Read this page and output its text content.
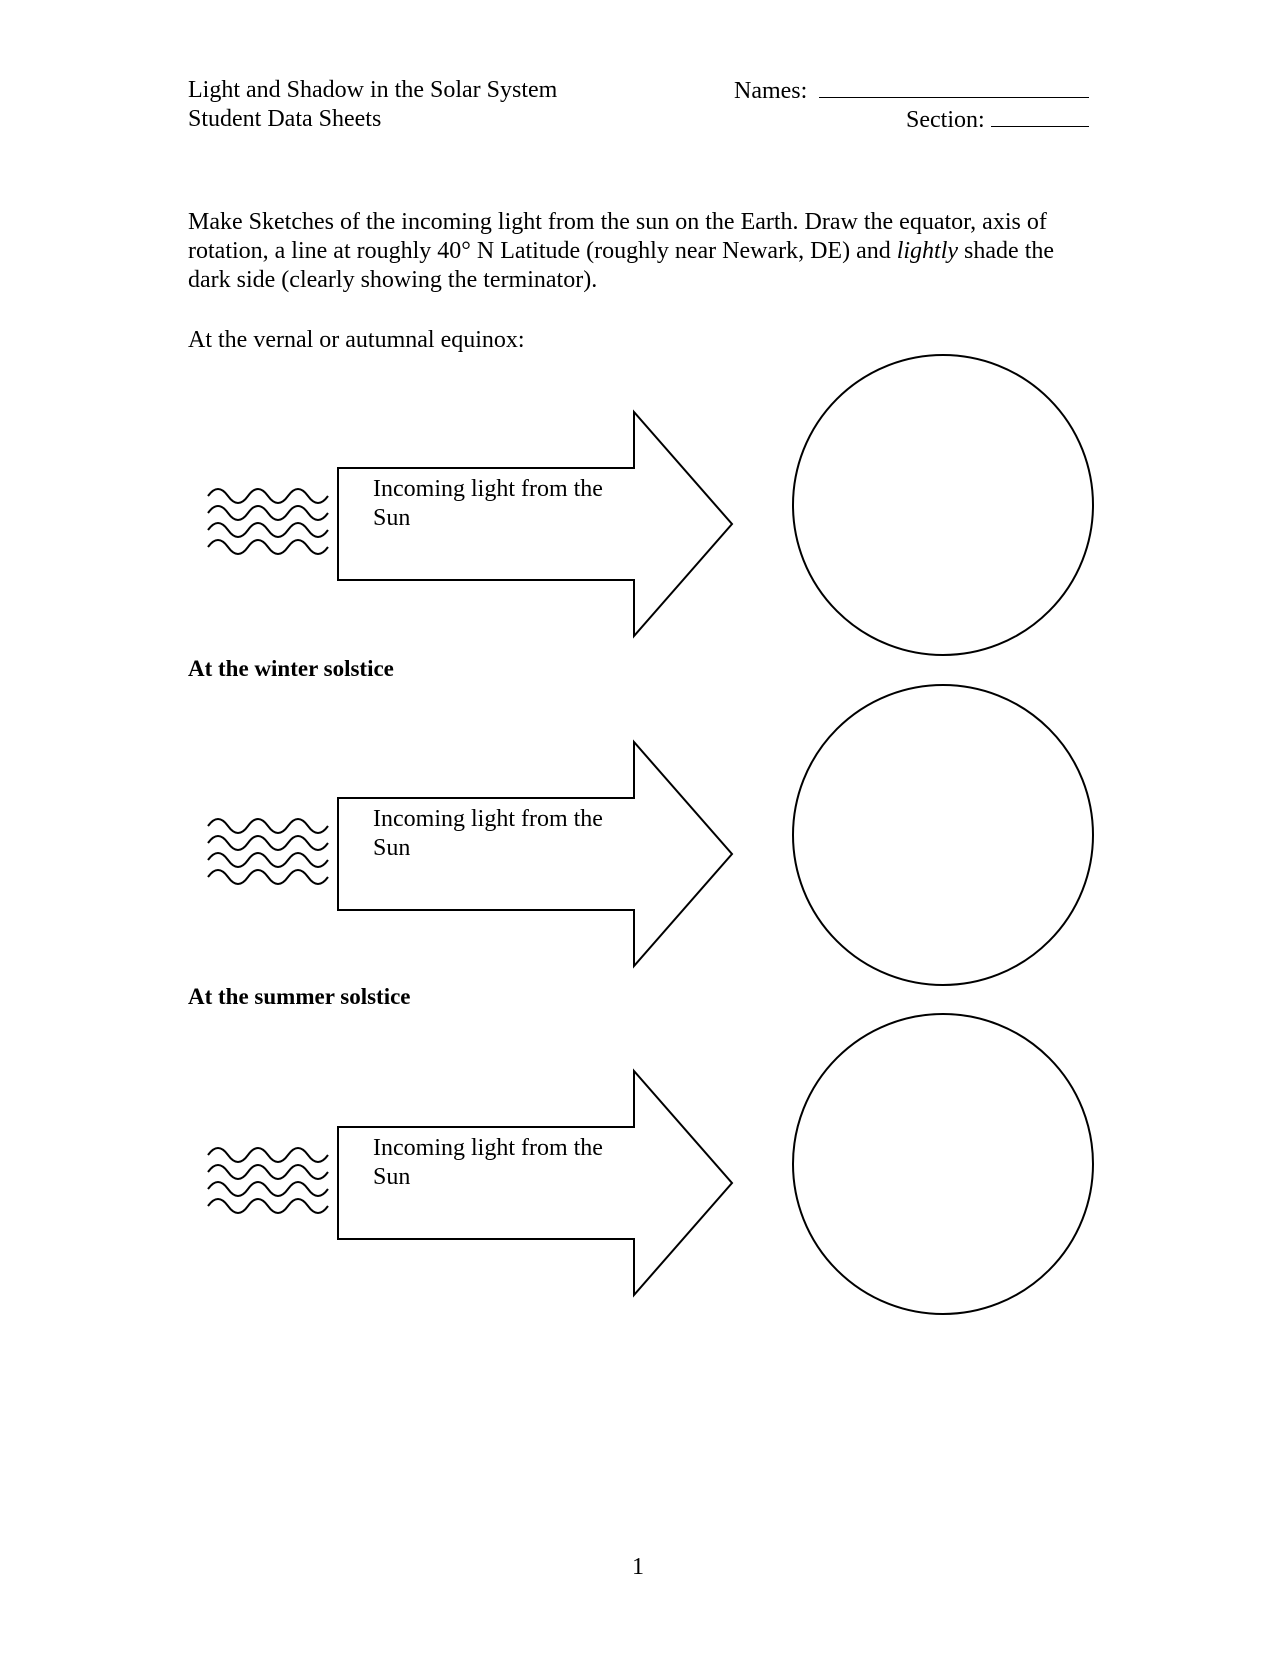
Light and Shadow in the Solar System
Student Data Sheets
Names:
Section:
Make Sketches of the incoming light from the sun on the Earth. Draw the equator, axis of rotation, a line at roughly 40° N Latitude (roughly near Newark, DE) and lightly shade the dark side (clearly showing the terminator).
At the vernal or autumnal equinox:
At the winter solstice
At the summer solstice
Incoming light from the
Sun
Incoming light from the
Sun
Incoming light from the
Sun
1
